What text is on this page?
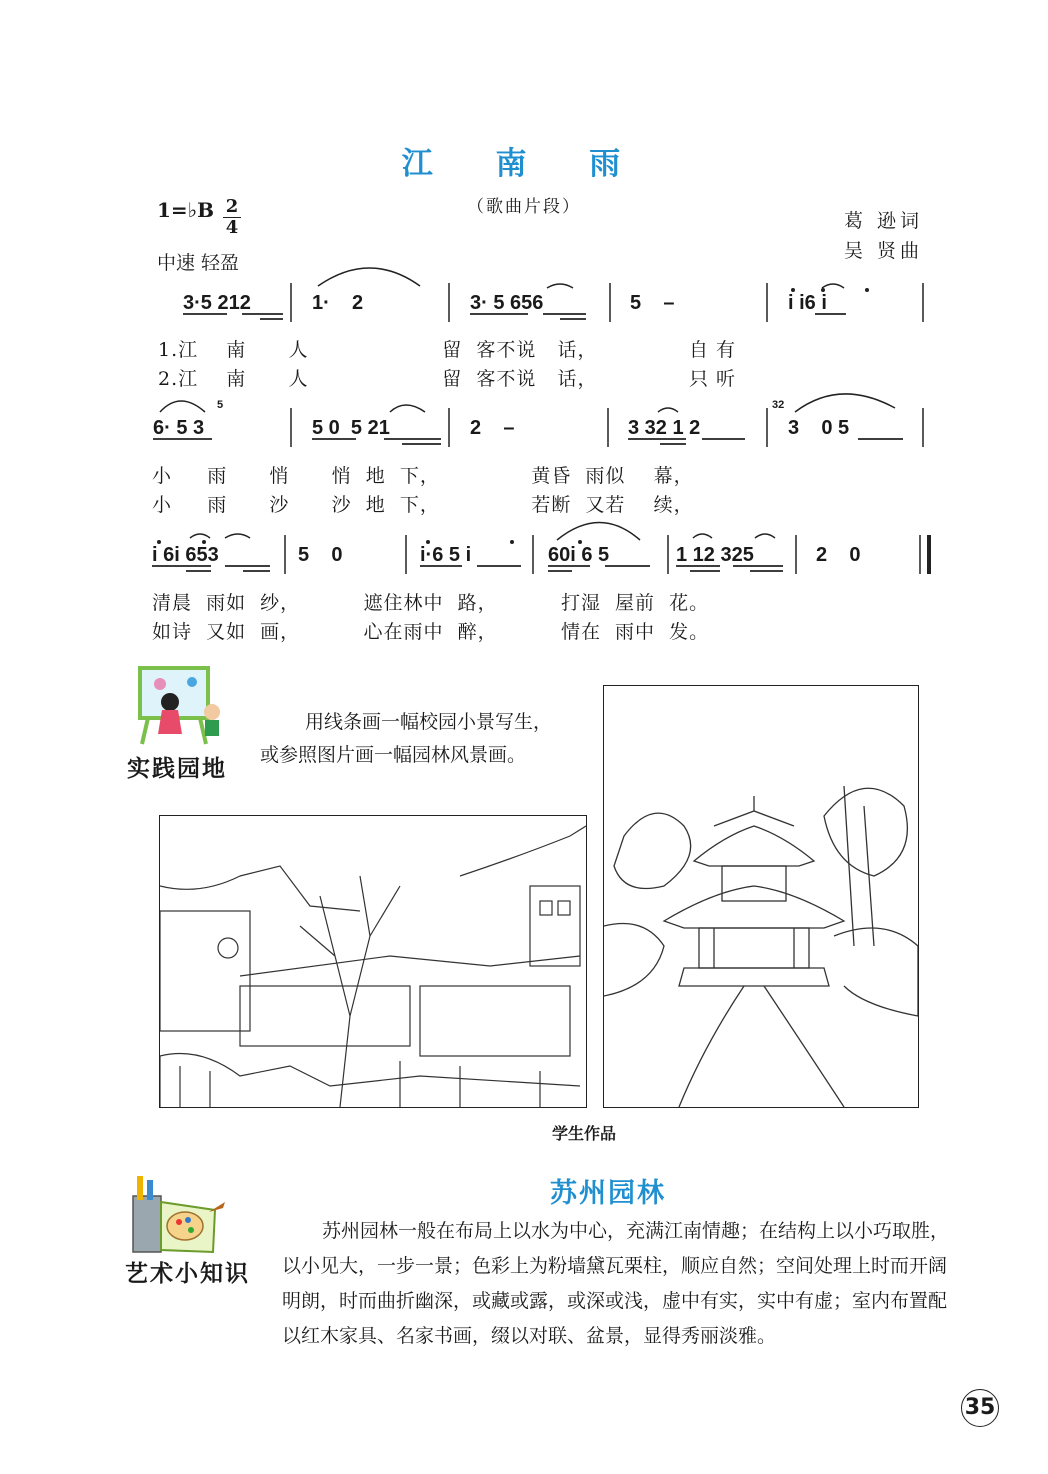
江 南 雨
（歌曲片段）
葛 逊词
吴 贤曲
1=♭B 2
4
中速 轻盈
3·5 212	1·    2	3· 5 656	5    –	i i6 i
1.江    南      人                   留  客不说   话，             自 有
2.江    南      人                   留  客不说   话，             只 听
6· 5 3
5
5 0  5 21	2    –	3 32 1 2
32
3    0 5
小     雨      悄      悄  地  下，             黄昏  雨似    幕，
小     雨      沙      沙  地  下，             若断  又若    续，
i 6i 653	5    0	i·6 5 i	60i 6 5	1 12 325	2    0
清晨  雨如  纱，         遮住林中  路，         打湿  屋前  花。
如诗  又如  画，         心在雨中  醉，         情在  雨中  发。
实践园地
用线条画一幅校园小景写生，
或参照图片画一幅园林风景画。
学生作品
艺术小知识
苏州园林
苏州园林一般在布局上以水为中心，充满江南情趣；在结构上以小巧取胜，以小见大，一步一景；色彩上为粉墙黛瓦栗柱，顺应自然；空间处理上时而开阔明朗，时而曲折幽深，或藏或露，或深或浅，虚中有实，实中有虚；室内布置配以红木家具、名家书画，缀以对联、盆景，显得秀丽淡雅。
35
